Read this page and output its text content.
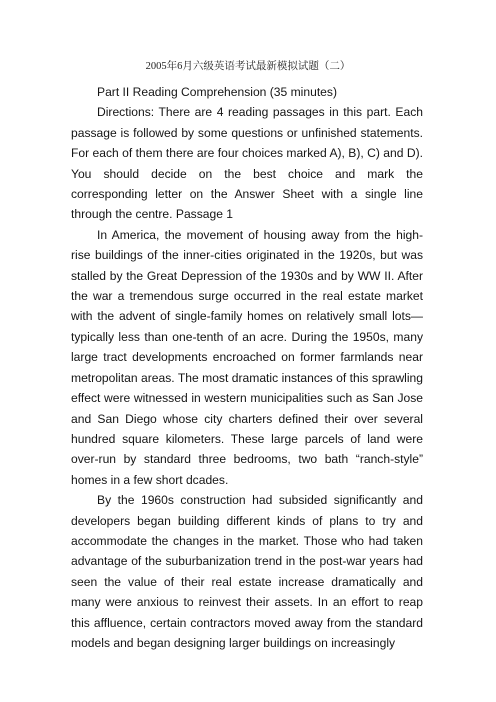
2005年6月六级英语考试最新模拟试题（二）

Part II Reading Comprehension (35 minutes)

Directions: There are 4 reading passages in this part. Each passage is followed by some questions or unfinished statements. For each of them there are four choices marked A), B), C) and D). You should decide on the best choice and mark the corresponding letter on the Answer Sheet with a single line through the centre. Passage 1

In America, the movement of housing away from the high-rise buildings of the inner-cities originated in the 1920s, but was stalled by the Great Depression of the 1930s and by WW II. After the war a tremendous surge occurred in the real estate market with the advent of single-family homes on relatively small lots—typically less than one-tenth of an acre. During the 1950s, many large tract developments encroached on former farmlands near metropolitan areas. The most dramatic instances of this sprawling effect were witnessed in western municipalities such as San Jose and San Diego whose city charters defined their over several hundred square kilometers. These large parcels of land were over-run by standard three bedrooms, two bath “ranch-style” homes in a few short dcades.

By the 1960s construction had subsided significantly and developers began building different kinds of plans to try and accommodate the changes in the market. Those who had taken advantage of the suburbanization trend in the post-war years had seen the value of their real estate increase dramatically and many were anxious to reinvest their assets. In an effort to reap this affluence, certain contractors moved away from the standard models and began designing larger buildings on increasingly
